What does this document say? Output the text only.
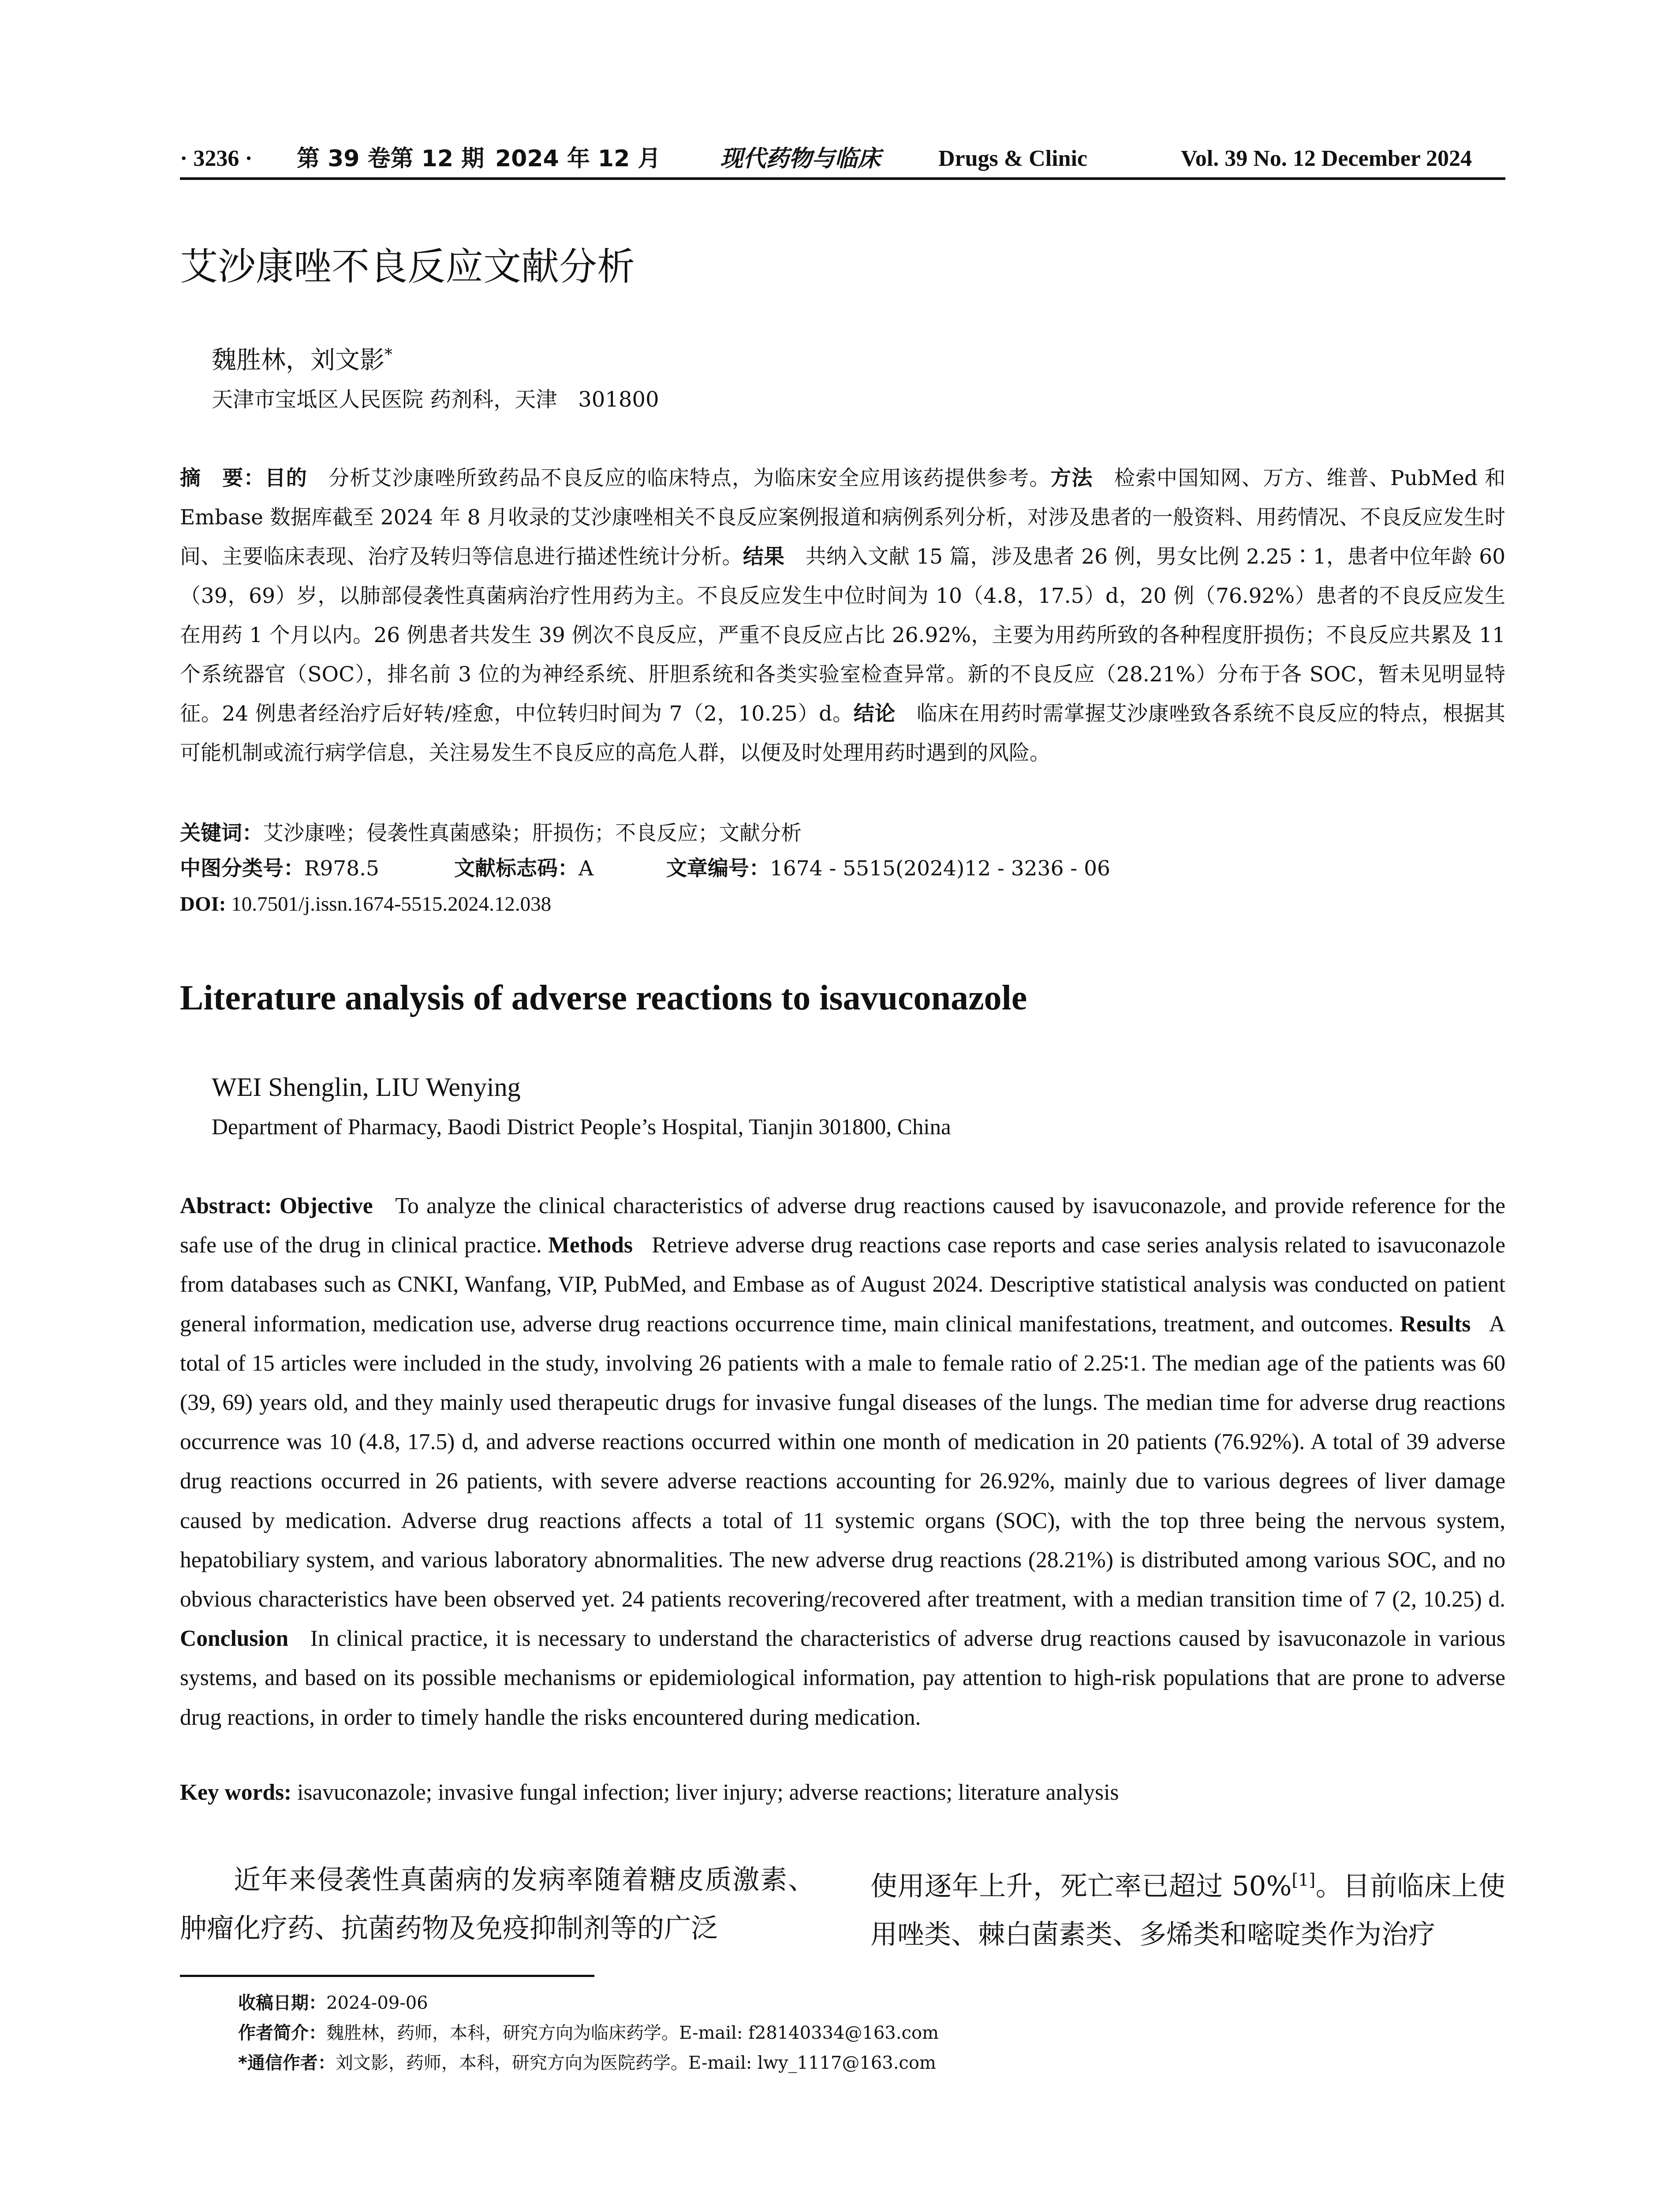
· 3236 · 第 39 卷第 12 期 2024 年 12 月	现代药物与临床	Drugs & Clinic	Vol. 39 No. 12 December 2024
艾沙康唑不良反应文献分析
魏胜林，刘文影*
天津市宝坻区人民医院 药剂科，天津　301800
摘　要：目的　 分析艾沙康唑所致药品不良反应的临床特点，为临床安全应用该药提供参考。方法　 检索中国知网、万方、维普、PubMed 和 Embase 数据库截至 2024 年 8 月收录的艾沙康唑相关不良反应案例报道和病例系列分析，对涉及患者的一般资料、用药情况、不良反应发生时间、主要临床表现、治疗及转归等信息进行描述性统计分析。结果　 共纳入文献 15 篇，涉及患者 26 例，男女比例 2.25∶1，患者中位年龄 60（39，69）岁，以肺部侵袭性真菌病治疗性用药为主。不良反应发生中位时间为 10（4.8，17.5）d，20 例（76.92%）患者的不良反应发生在用药 1 个月以内。26 例患者共发生 39 例次不良反应，严重不良反应占比 26.92%，主要为用药所致的各种程度肝损伤；不良反应共累及 11 个系统器官（SOC），排名前 3 位的为神经系统、肝胆系统和各类实验室检查异常。新的不良反应（28.21%）分布于各 SOC，暂未见明显特征。24 例患者经治疗后好转/痊愈，中位转归时间为 7（2，10.25）d。结论　 临床在用药时需掌握艾沙康唑致各系统不良反应的特点，根据其可能机制或流行病学信息，关注易发生不良反应的高危人群，以便及时处理用药时遇到的风险。
关键词：艾沙康唑；侵袭性真菌感染；肝损伤；不良反应；文献分析
中图分类号：R978.5	文献标志码：A	文章编号：1674 - 5515(2024)12 - 3236 - 06
DOI: 10.7501/j.issn.1674-5515.2024.12.038
Literature analysis of adverse reactions to isavuconazole
WEI Shenglin, LIU Wenying
Department of Pharmacy, Baodi District People’s Hospital, Tianjin 301800, China
Abstract: Objective To analyze the clinical characteristics of adverse drug reactions caused by isavuconazole, and provide reference for the safe use of the drug in clinical practice. Methods Retrieve adverse drug reactions case reports and case series analysis related to isavuconazole from databases such as CNKI, Wanfang, VIP, PubMed, and Embase as of August 2024. Descriptive statistical analysis was conducted on patient general information, medication use, adverse drug reactions occurrence time, main clinical manifestations, treatment, and outcomes. Results A total of 15 articles were included in the study, involving 26 patients with a male to female ratio of 2.25∶1. The median age of the patients was 60 (39, 69) years old, and they mainly used therapeutic drugs for invasive fungal diseases of the lungs. The median time for adverse drug reactions occurrence was 10 (4.8, 17.5) d, and adverse reactions occurred within one month of medication in 20 patients (76.92%). A total of 39 adverse drug reactions occurred in 26 patients, with severe adverse reactions accounting for 26.92%, mainly due to various degrees of liver damage caused by medication. Adverse drug reactions affects a total of 11 systemic organs (SOC), with the top three being the nervous system, hepatobiliary system, and various laboratory abnormalities. The new adverse drug reactions (28.21%) is distributed among various SOC, and no obvious characteristics have been observed yet. 24 patients recovering/recovered after treatment, with a median transition time of 7 (2, 10.25) d. Conclusion In clinical practice, it is necessary to understand the characteristics of adverse drug reactions caused by isavuconazole in various systems, and based on its possible mechanisms or epidemiological information, pay attention to high-risk populations that are prone to adverse drug reactions, in order to timely handle the risks encountered during medication.
Key words: isavuconazole; invasive fungal infection; liver injury; adverse reactions; literature analysis
近年来侵袭性真菌病的发病率随着糖皮质激素、肿瘤化疗药、抗菌药物及免疫抑制剂等的广泛
使用逐年上升，死亡率已超过 50%[1]。目前临床上使用唑类、棘白菌素类、多烯类和嘧啶类作为治疗
收稿日期：2024-09-06
作者简介：魏胜林，药师，本科，研究方向为临床药学。E-mail: f28140334@163.com
*通信作者：刘文影，药师，本科，研究方向为医院药学。E-mail: lwy_1117@163.com
